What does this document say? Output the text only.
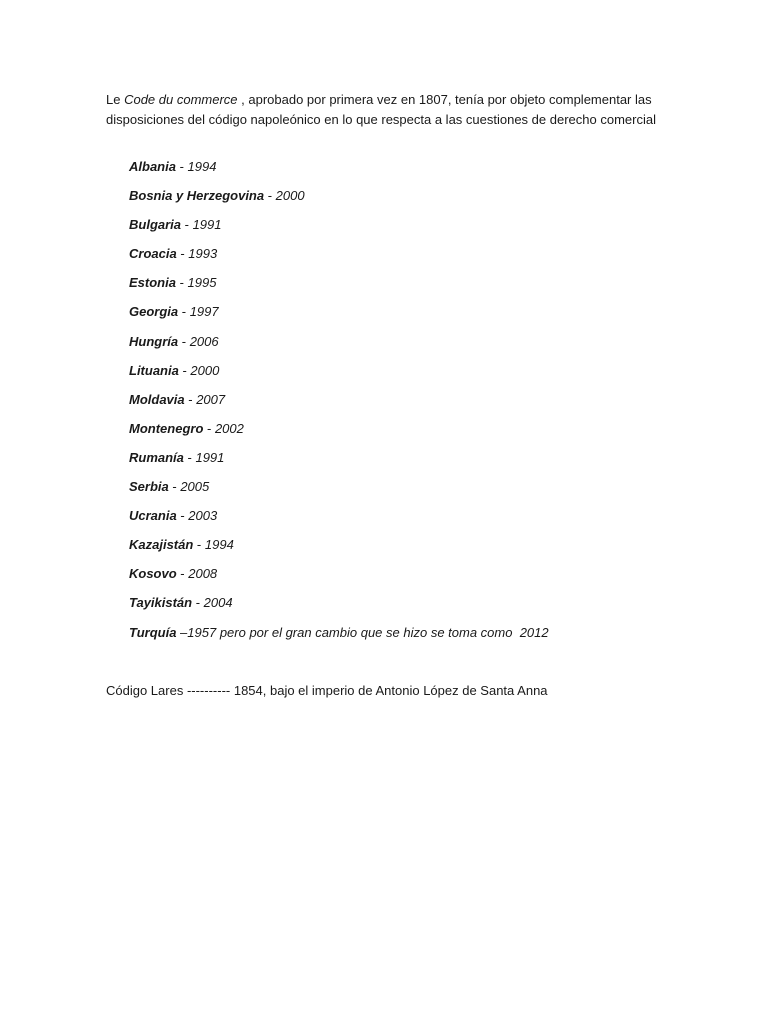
Le Code du commerce , aprobado por primera vez en 1807, tenía por objeto complementar las
disposiciones del código napoleónico en lo que respecta a las cuestiones de derecho comercial
Albania - 1994
Bosnia y Herzegovina - 2000
Bulgaria - 1991
Croacia - 1993
Estonia - 1995
Georgia - 1997
Hungría - 2006
Lituania - 2000
Moldavia - 2007
Montenegro - 2002
Rumanía - 1991
Serbia - 2005
Ucrania - 2003
Kazajistán - 1994
Kosovo - 2008
Tayikistán - 2004
Turquía –1957 pero por el gran cambio que se hizo se toma como  2012
Código Lares ---------- 1854, bajo el imperio de Antonio López de Santa Anna
